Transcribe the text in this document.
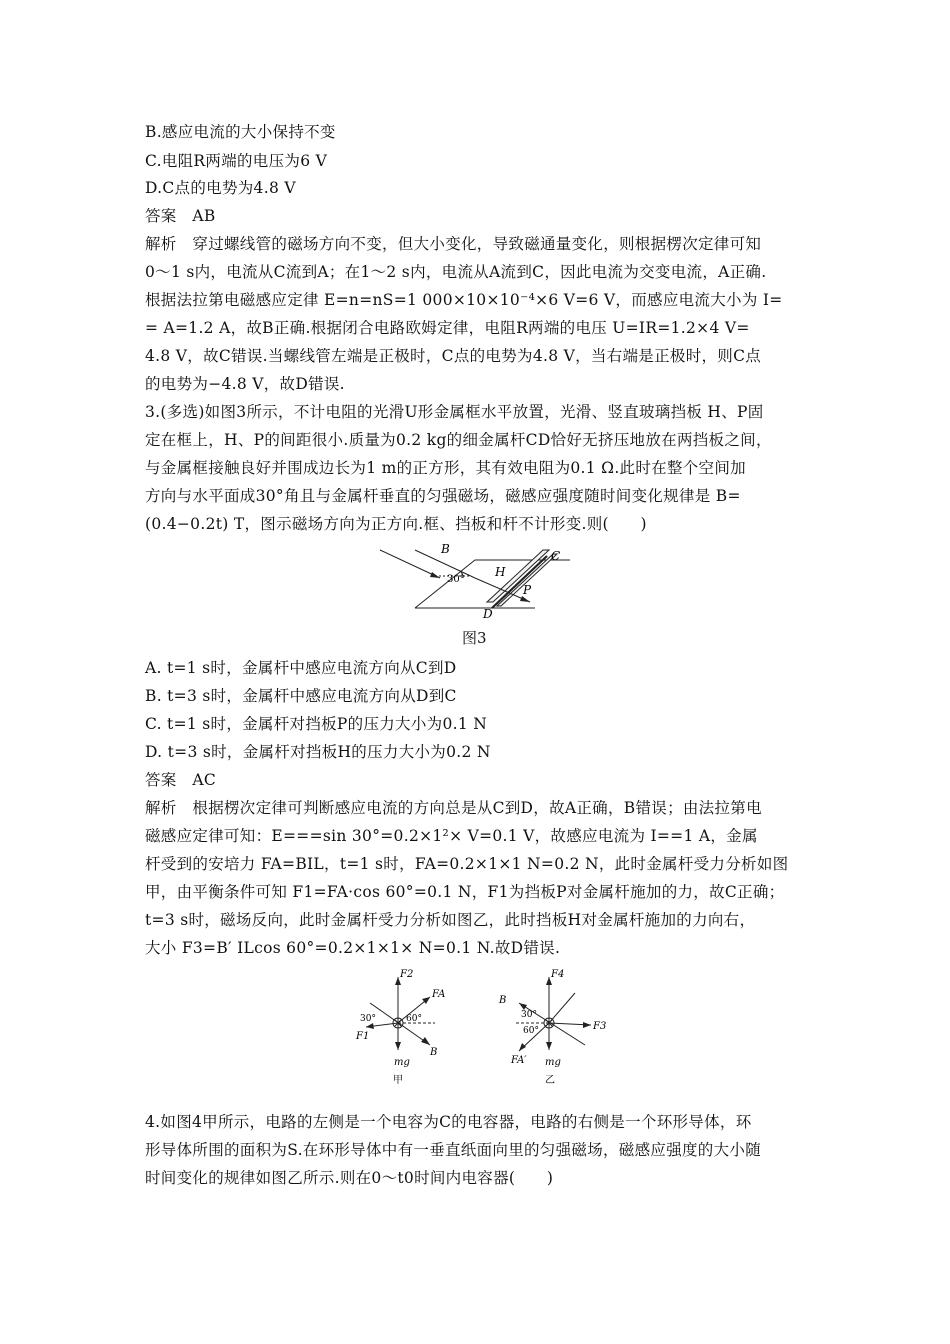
B.感应电流的大小保持不变
C.电阻R两端的电压为6 V
D.C点的电势为4.8 V
答案　AB
解析　穿过螺线管的磁场方向不变，但大小变化，导致磁通量变化，则根据楞次定律可知
0～1 s内，电流从C流到A；在1～2 s内，电流从A流到C，因此电流为交变电流，A正确.
根据法拉第电磁感应定律 E=n=nS=1 000×10×10⁻⁴×6 V=6 V，而感应电流大小为 I=
= A=1.2 A，故B正确.根据闭合电路欧姆定律，电阻R两端的电压 U=IR=1.2×4 V=
4.8 V，故C错误.当螺线管左端是正极时，C点的电势为4.8 V，当右端是正极时，则C点
的电势为−4.8 V，故D错误.
3.(多选)如图3所示，不计电阻的光滑U形金属框水平放置，光滑、竖直玻璃挡板 H、P固
定在框上，H、P的间距很小.质量为0.2 kg的细金属杆CD恰好无挤压地放在两挡板之间，
与金属框接触良好并围成边长为1 m的正方形，其有效电阻为0.1 Ω.此时在整个空间加
方向与水平面成30°角且与金属杆垂直的匀强磁场，磁感应强度随时间变化规律是 B=
(0.4−0.2t) T，图示磁场方向为正方向.框、挡板和杆不计形变.则(　　)
B	C
D
H
P
30°
图3
A. t=1 s时，金属杆中感应电流方向从C到D
B. t=3 s时，金属杆中感应电流方向从D到C
C. t=1 s时，金属杆对挡板P的压力大小为0.1 N
D. t=3 s时，金属杆对挡板H的压力大小为0.2 N
答案　AC
解析　根据楞次定律可判断感应电流的方向总是从C到D，故A正确，B错误；由法拉第电
磁感应定律可知：E===sin 30°=0.2×1²× V=0.1 V，故感应电流为 I==1 A，金属
杆受到的安培力 FA=BIL，t=1 s时，FA=0.2×1×1 N=0.2 N，此时金属杆受力分析如图
甲，由平衡条件可知 F1=FA·cos 60°=0.1 N，F1为挡板P对金属杆施加的力，故C正确；
t=3 s时，磁场反向，此时金属杆受力分析如图乙，此时挡板H对金属杆施加的力向右，
大小 F3=B′ ILcos 60°=0.2×1×1× N=0.1 N.故D错误.
F2
FA
F1
B
mg
30°	60°
甲
F4
B
F3
FA′ mg
30°
60°
乙
4.如图4甲所示，电路的左侧是一个电容为C的电容器，电路的右侧是一个环形导体，环
形导体所围的面积为S.在环形导体中有一垂直纸面向里的匀强磁场，磁感应强度的大小随
时间变化的规律如图乙所示.则在0～t0时间内电容器(　　)
